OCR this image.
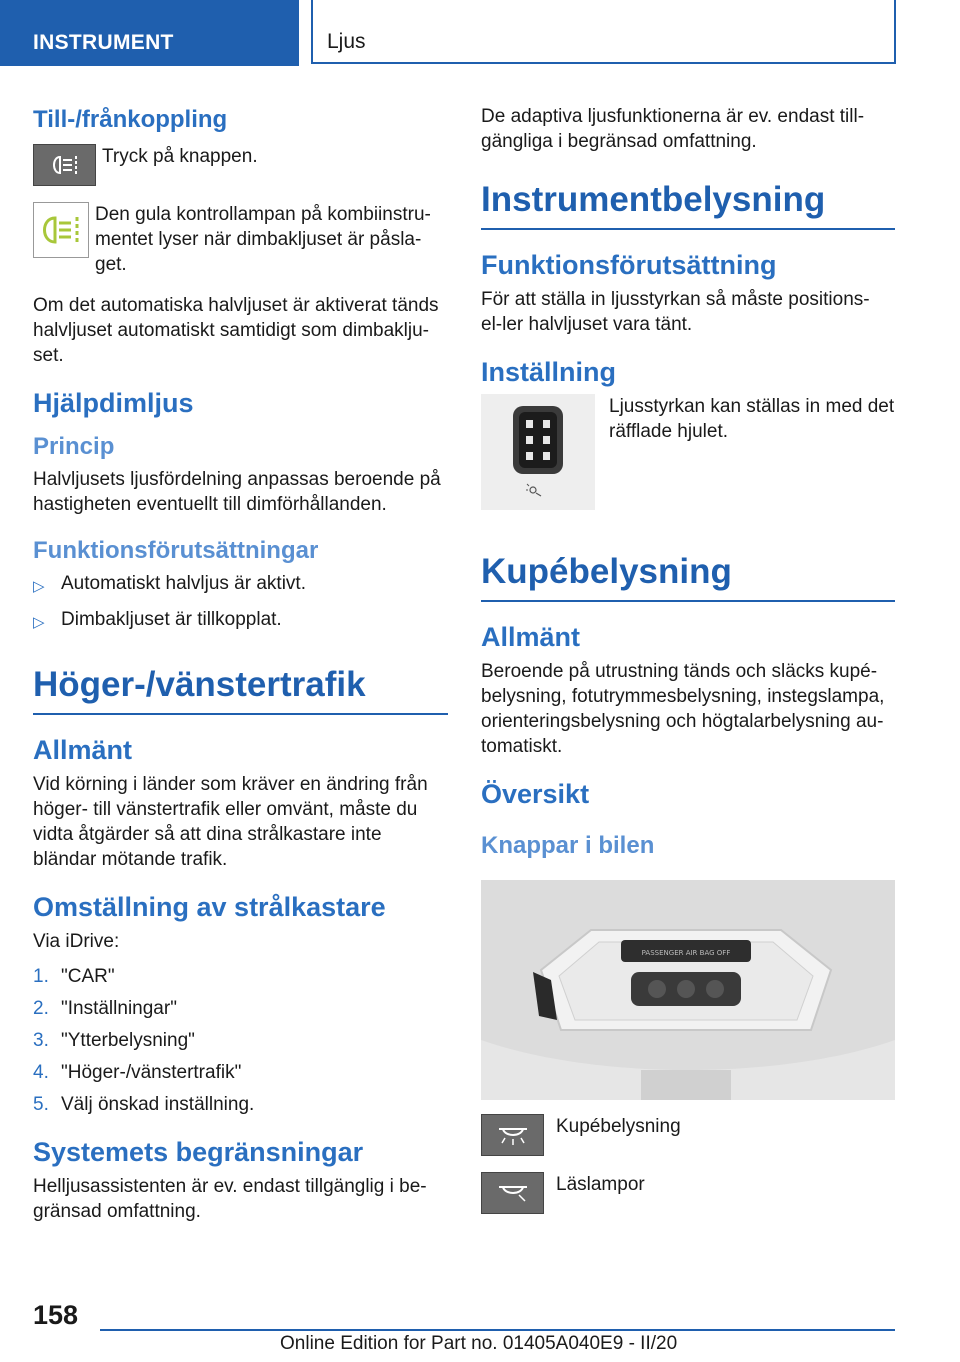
INSTRUMENT	Ljus
Till-/frånkoppling
Tryck på knappen.
Den gula kontrollampan på kombiinstru-mentet lyser när dimbakljuset är påsla-get.

Om det automatiska halvljuset är aktiverat tänds halvljuset automatiskt samtidigt som dimbaklju-set.

Hjälpdimljus
Princip

Halvljusets ljusfördelning anpassas beroende på hastigheten eventuellt till dimförhållanden.

Funktionsförutsättningar
▷ Automatiskt halvljus är aktivt.
▷ Dimbakljuset är tillkopplat.
Höger-/vänstertrafik
Allmänt

Vid körning i länder som kräver en ändring från höger- till vänstertrafik eller omvänt, måste du vidta åtgärder så att dina strålkastare inte bländar mötande trafik.

Omställning av strålkastare

Via iDrive:

1. "CAR"
2. "Inställningar"
3. "Ytterbelysning"
4. "Höger-/vänstertrafik"
5. Välj önskad inställning.
Systemets begränsningar

Helljusassistenten är ev. endast tillgänglig i be-gränsad omfattning.

De adaptiva ljusfunktionerna är ev. endast till-gängliga i begränsad omfattning.

Instrumentbelysning
Funktionsförutsättning

För att ställa in ljusstyrkan så måste positions- el-ler halvljuset vara tänt.

Inställning
Ljusstyrkan kan ställas in med det räfflade hjulet.
Kupébelysning
Allmänt

Beroende på utrustning tänds och släcks kupé-belysning, fotutrymmesbelysning, instegslampa, orienteringsbelysning och högtalarbelysning au-tomatiskt.

Översikt
Knappar i bilen
PASSENGER AIR BAG OFF
Kupébelysning
Läslampor
158
Online Edition for Part no. 01405A040E9 - II/20
